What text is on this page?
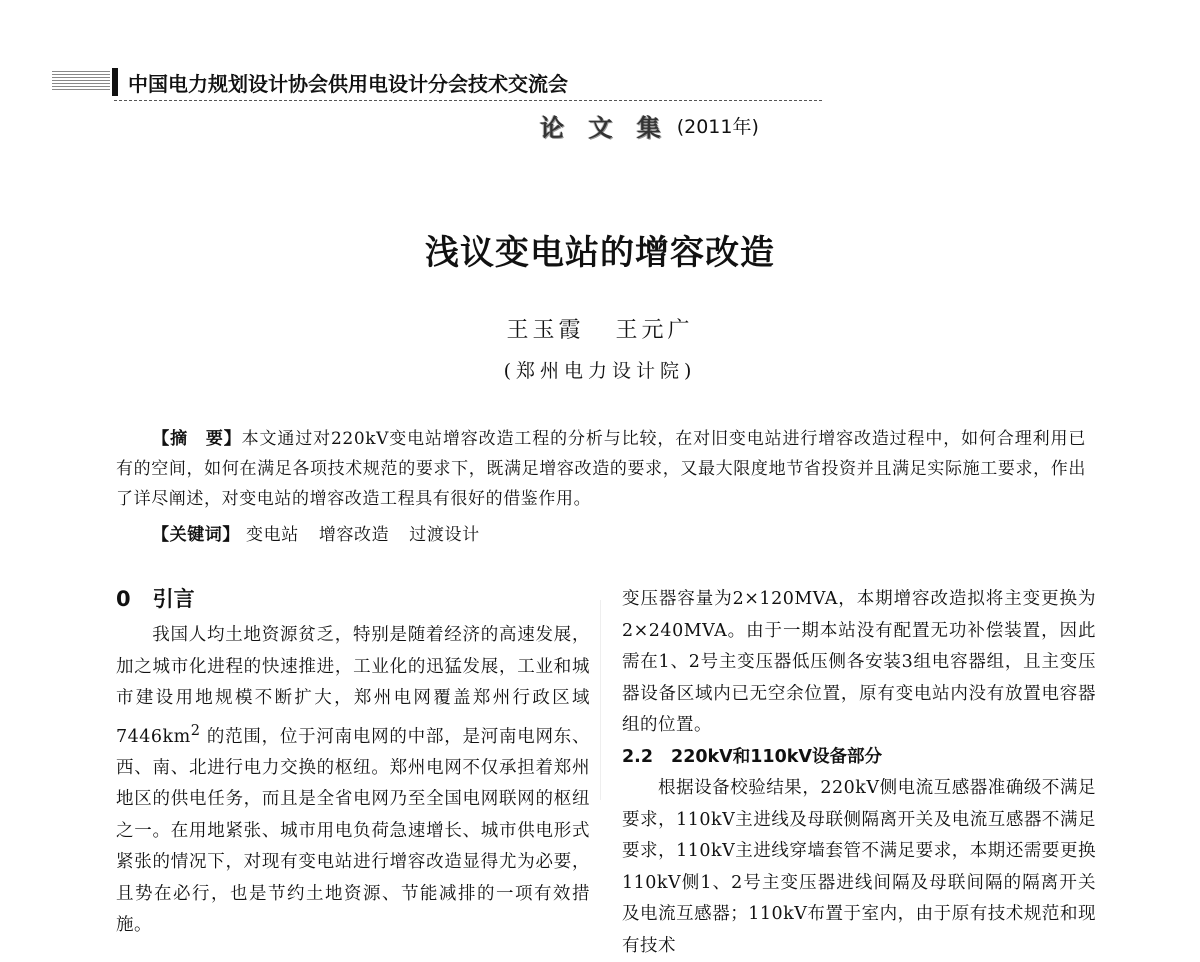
中国电力规划设计协会供用电设计分会技术交流会
论 文 集 (2011年)
浅议变电站的增容改造
王玉霞 王元广
(郑州电力设计院)
【摘　要】本文通过对220kV变电站增容改造工程的分析与比较，在对旧变电站进行增容改造过程中，如何合理利用已有的空间，如何在满足各项技术规范的要求下，既满足增容改造的要求，又最大限度地节省投资并且满足实际施工要求，作出了详尽阐述，对变电站的增容改造工程具有很好的借鉴作用。
【关键词】 变电站 增容改造 过渡设计
0 引言
我国人均土地资源贫乏，特别是随着经济的高速发展，加之城市化进程的快速推进，工业化的迅猛发展，工业和城市建设用地规模不断扩大，郑州电网覆盖郑州行政区域$7446km^2$ 的范围，位于河南电网的中部，是河南电网东、西、南、北进行电力交换的枢纽。郑州电网不仅承担着郑州地区的供电任务，而且是全省电网乃至全国电网联网的枢纽之一。在用地紧张、城市用电负荷急速增长、城市供电形式紧张的情况下，对现有变电站进行增容改造显得尤为必要，且势在必行，也是节约土地资源、节能减排的一项有效措施。
变压器容量为2×120MVA，本期增容改造拟将主变更换为2×240MVA。由于一期本站没有配置无功补偿装置，因此需在1、2号主变压器低压侧各安装3组电容器组，且主变压器设备区域内已无空余位置，原有变电站内没有放置电容器组的位置。
2.2 220kV和110kV设备部分
根据设备校验结果，220kV侧电流互感器准确级不满足要求，110kV主进线及母联侧隔离开关及电流互感器不满足要求，110kV主进线穿墙套管不满足要求，本期还需要更换110kV侧1、2号主变压器进线间隔及母联间隔的隔离开关及电流互感器；110kV布置于室内，由于原有技术规范和现有技术
